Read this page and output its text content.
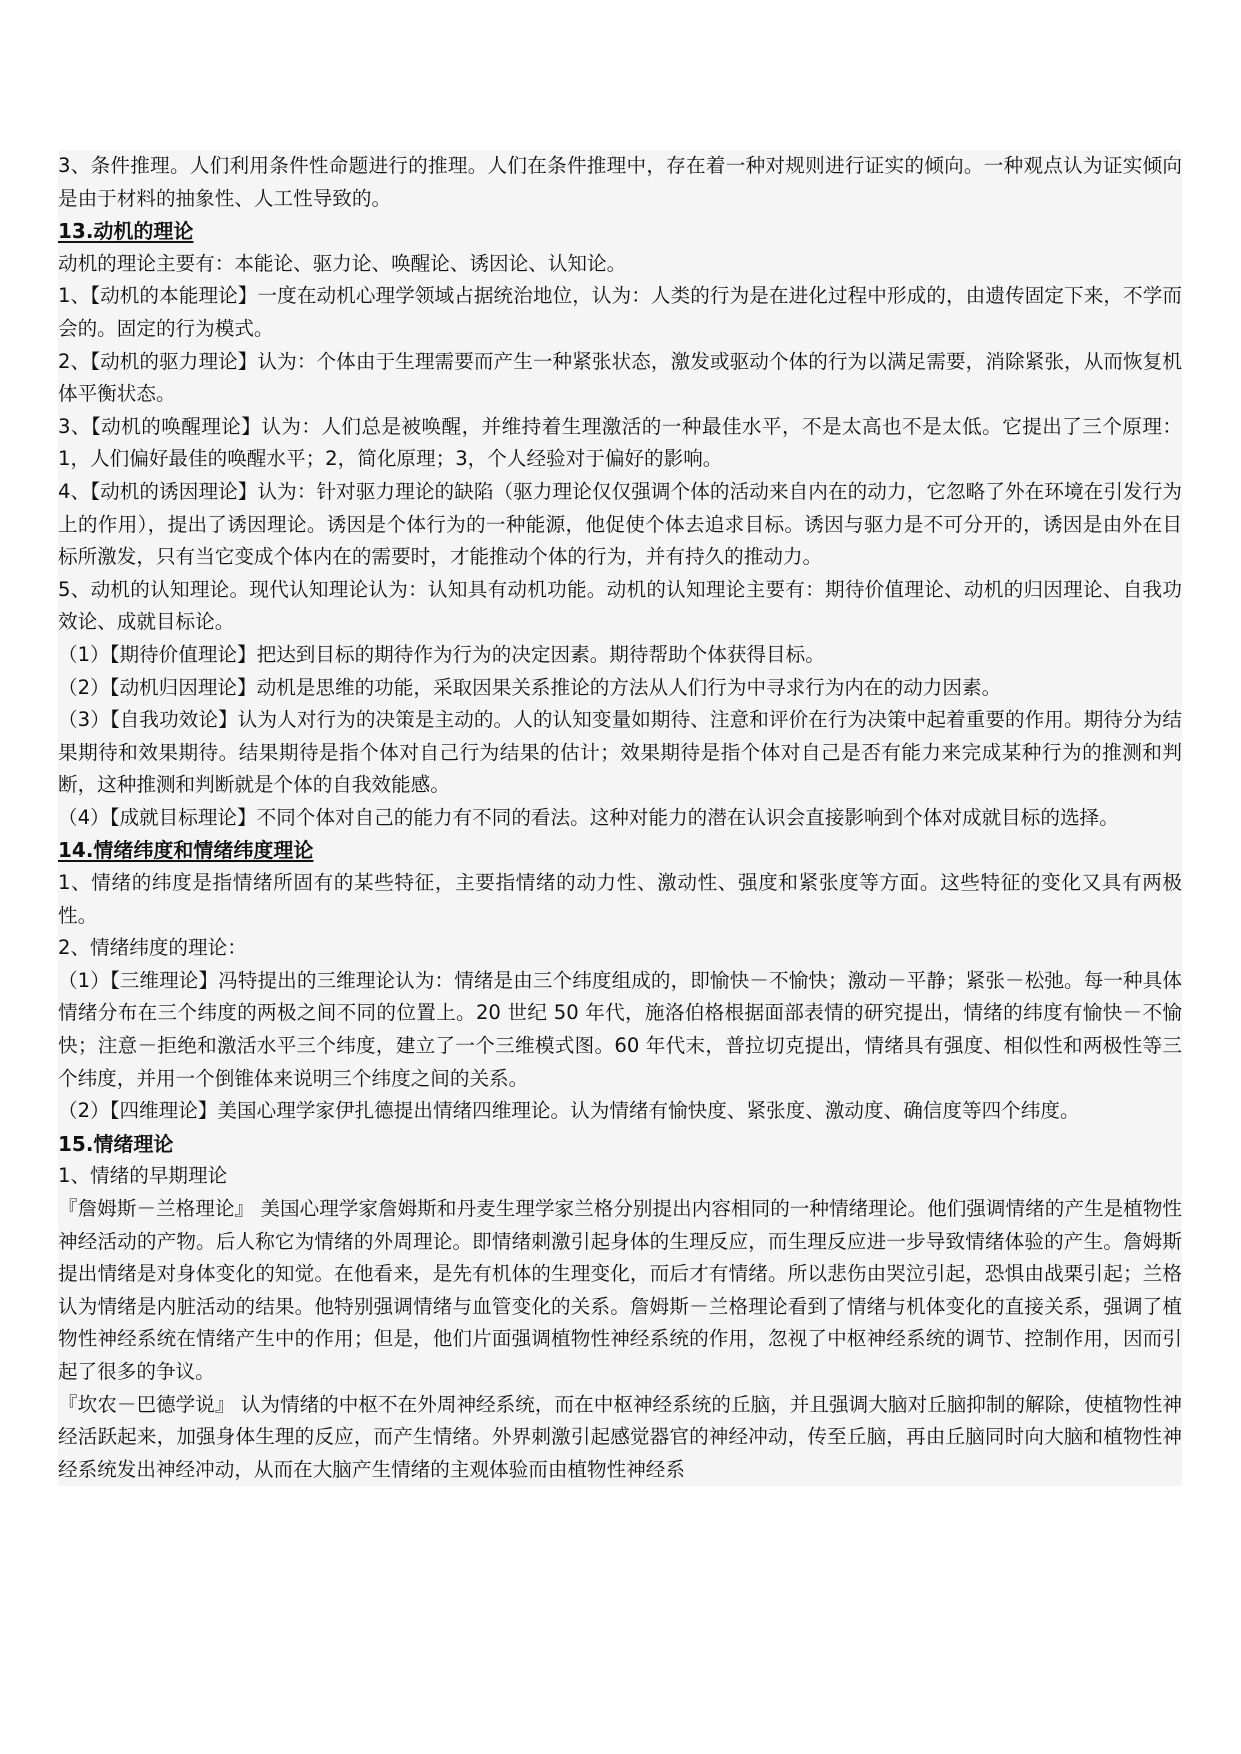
3、条件推理。人们利用条件性命题进行的推理。人们在条件推理中，存在着一种对规则进行证实的倾向。一种观点认为证实倾向是由于材料的抽象性、人工性导致的。

13.动机的理论

动机的理论主要有：本能论、驱力论、唤醒论、诱因论、认知论。

1、【动机的本能理论】一度在动机心理学领域占据统治地位，认为：人类的行为是在进化过程中形成的，由遗传固定下来，不学而会的。固定的行为模式。

2、【动机的驱力理论】认为：个体由于生理需要而产生一种紧张状态，激发或驱动个体的行为以满足需要，消除紧张，从而恢复机体平衡状态。

3、【动机的唤醒理论】认为：人们总是被唤醒，并维持着生理激活的一种最佳水平，不是太高也不是太低。它提出了三个原理：1，人们偏好最佳的唤醒水平；2，简化原理；3，个人经验对于偏好的影响。

4、【动机的诱因理论】认为：针对驱力理论的缺陷（驱力理论仅仅强调个体的活动来自内在的动力，它忽略了外在环境在引发行为上的作用），提出了诱因理论。诱因是个体行为的一种能源，他促使个体去追求目标。诱因与驱力是不可分开的，诱因是由外在目标所激发，只有当它变成个体内在的需要时，才能推动个体的行为，并有持久的推动力。

5、动机的认知理论。现代认知理论认为：认知具有动机功能。动机的认知理论主要有：期待价值理论、动机的归因理论、自我功效论、成就目标论。

（1）【期待价值理论】把达到目标的期待作为行为的决定因素。期待帮助个体获得目标。

（2）【动机归因理论】动机是思维的功能，采取因果关系推论的方法从人们行为中寻求行为内在的动力因素。

（3）【自我功效论】认为人对行为的决策是主动的。人的认知变量如期待、注意和评价在行为决策中起着重要的作用。期待分为结果期待和效果期待。结果期待是指个体对自己行为结果的估计；效果期待是指个体对自己是否有能力来完成某种行为的推测和判断，这种推测和判断就是个体的自我效能感。

（4）【成就目标理论】不同个体对自己的能力有不同的看法。这种对能力的潜在认识会直接影响到个体对成就目标的选择。

14.情绪纬度和情绪纬度理论

1、情绪的纬度是指情绪所固有的某些特征，主要指情绪的动力性、激动性、强度和紧张度等方面。这些特征的变化又具有两极性。

2、情绪纬度的理论：

（1）【三维理论】冯特提出的三维理论认为：情绪是由三个纬度组成的，即愉快－不愉快；激动－平静；紧张－松弛。每一种具体情绪分布在三个纬度的两极之间不同的位置上。20 世纪 50 年代，施洛伯格根据面部表情的研究提出，情绪的纬度有愉快－不愉快；注意－拒绝和激活水平三个纬度，建立了一个三维模式图。60 年代末，普拉切克提出，情绪具有强度、相似性和两极性等三个纬度，并用一个倒锥体来说明三个纬度之间的关系。

（2）【四维理论】美国心理学家伊扎德提出情绪四维理论。认为情绪有愉快度、紧张度、激动度、确信度等四个纬度。

15.情绪理论

1、情绪的早期理论

『詹姆斯－兰格理论』 美国心理学家詹姆斯和丹麦生理学家兰格分别提出内容相同的一种情绪理论。他们强调情绪的产生是植物性神经活动的产物。后人称它为情绪的外周理论。即情绪刺激引起身体的生理反应，而生理反应进一步导致情绪体验的产生。詹姆斯提出情绪是对身体变化的知觉。在他看来，是先有机体的生理变化，而后才有情绪。所以悲伤由哭泣引起，恐惧由战栗引起；兰格认为情绪是内脏活动的结果。他特别强调情绪与血管变化的关系。詹姆斯－兰格理论看到了情绪与机体变化的直接关系，强调了植物性神经系统在情绪产生中的作用；但是，他们片面强调植物性神经系统的作用，忽视了中枢神经系统的调节、控制作用，因而引起了很多的争议。

『坎农－巴德学说』 认为情绪的中枢不在外周神经系统，而在中枢神经系统的丘脑，并且强调大脑对丘脑抑制的解除，使植物性神经活跃起来，加强身体生理的反应，而产生情绪。外界刺激引起感觉器官的神经冲动，传至丘脑，再由丘脑同时向大脑和植物性神经系统发出神经冲动，从而在大脑产生情绪的主观体验而由植物性神经系
